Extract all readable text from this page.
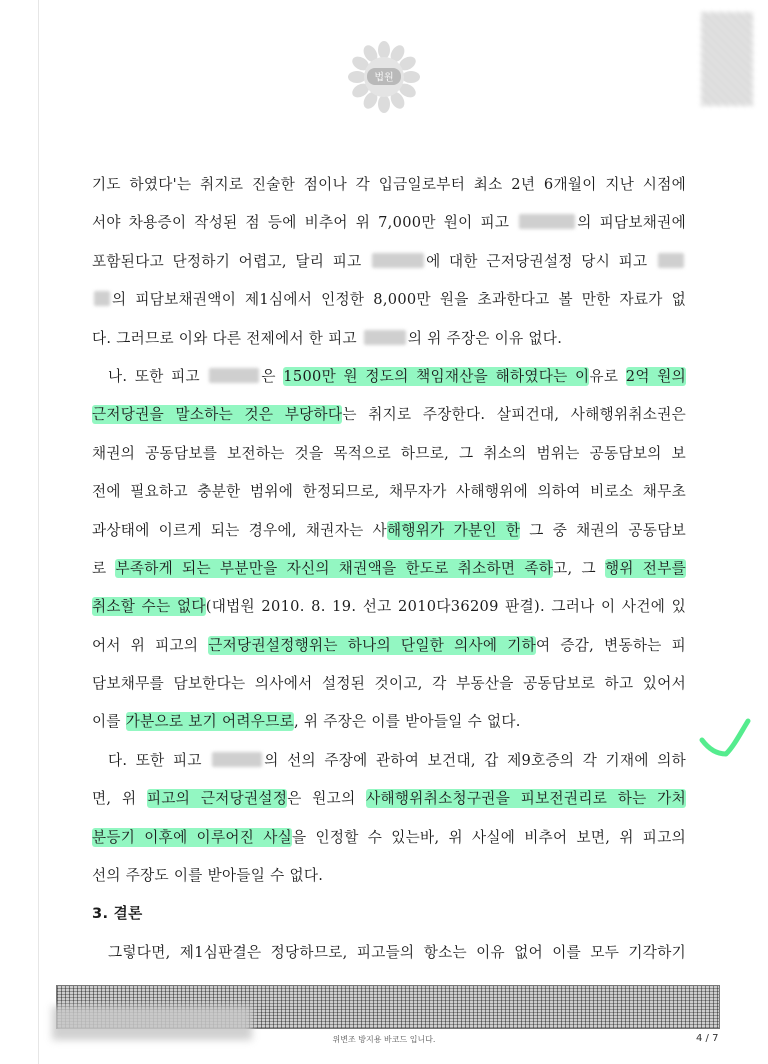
법원
기도 하였다'는 취지로 진술한 점이나 각 입금일로부터 최소 2년 6개월이 지난 시점에
서야 차용증이 작성된 점 등에 비추어 위 7,000만 원이 피고	의 피담보채권에
포함된다고 단정하기 어렵고, 달리 피고	에 대한 근저당권설정 당시 피고
의 피담보채권액이 제1심에서 인정한 8,000만 원을 초과한다고 볼 만한 자료가 없
다. 그러므로 이와 다른 전제에서 한 피고	의 위 주장은 이유 없다.
나. 또한 피고	은 1500만 원 정도의 책임재산을 해하였다는 이유로 2억 원의
근저당권을 말소하는 것은 부당하다는 취지로 주장한다. 살피건대, 사해행위취소권은
채권의 공동담보를 보전하는 것을 목적으로 하므로, 그 취소의 범위는 공동담보의 보
전에 필요하고 충분한 범위에 한정되므로, 채무자가 사해행위에 의하여 비로소 채무초
과상태에 이르게 되는 경우에, 채권자는 사해행위가 가분인 한 그 중 채권의 공동담보
로 부족하게 되는 부분만을 자신의 채권액을 한도로 취소하면 족하고, 그 행위 전부를
취소할 수는 없다(대법원 2010. 8. 19. 선고 2010다36209 판결). 그러나 이 사건에 있
어서 위 피고의 근저당권설정행위는 하나의 단일한 의사에 기하여 증감, 변동하는 피
담보채무를 담보한다는 의사에서 설정된 것이고, 각 부동산을 공동담보로 하고 있어서
이를 가분으로 보기 어려우므로, 위 주장은 이를 받아들일 수 없다.
다. 또한 피고	의 선의 주장에 관하여 보건대, 갑 제9호증의 각 기재에 의하
면, 위 피고의 근저당권설정은 원고의 사해행위취소청구권을 피보전권리로 하는 가처
분등기 이후에 이루어진 사실을 인정할 수 있는바, 위 사실에 비추어 보면, 위 피고의
선의 주장도 이를 받아들일 수 없다.
3. 결론
그렇다면, 제1심판결은 정당하므로, 피고들의 항소는 이유 없어 이를 모두 기각하기
위변조 방지용 바코드 입니다.	4 / 7
